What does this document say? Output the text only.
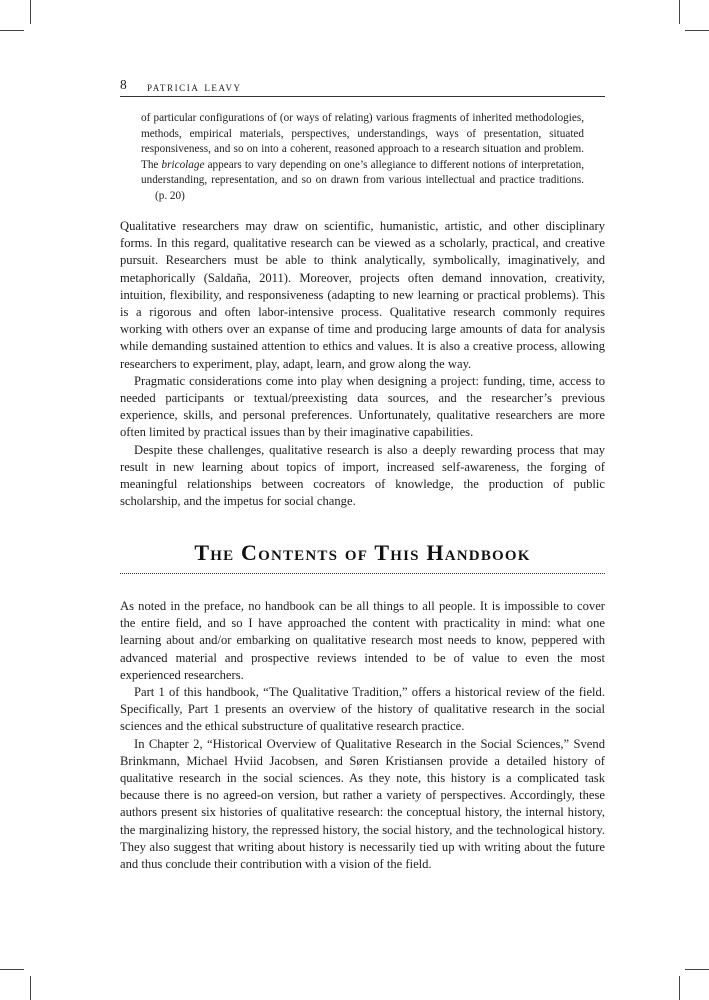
8 patricia leavy
of particular configurations of (or ways of relating) various fragments of inherited methodologies, methods, empirical materials, perspectives, understandings, ways of presentation, situated responsiveness, and so on into a coherent, reasoned approach to a research situation and problem. The bricolage appears to vary depending on one’s allegiance to different notions of interpretation, understanding, representation, and so on drawn from various intellectual and practice traditions.(p. 20)

Qualitative researchers may draw on scientific, humanistic, artistic, and other disciplinary forms. In this regard, qualitative research can be viewed as a scholarly, practical, and creative pursuit. Researchers must be able to think analytically, symbolically, imaginatively, and metaphorically (Saldaña, 2011). Moreover, projects often demand innovation, creativity, intuition, flexibility, and responsiveness (adapting to new learning or practical problems). This is a rigorous and often labor-intensive process. Qualitative research commonly requires working with others over an expanse of time and producing large amounts of data for analysis while demanding sustained attention to ethics and values. It is also a creative process, allowing researchers to experiment, play, adapt, learn, and grow along the way.

Pragmatic considerations come into play when designing a project: funding, time, access to needed participants or textual/preexisting data sources, and the researcher’s previous experience, skills, and personal preferences. Unfortunately, qualitative researchers are more often limited by practical issues than by their imaginative capabilities.

Despite these challenges, qualitative research is also a deeply rewarding process that may result in new learning about topics of import, increased self-awareness, the forging of meaningful relationships between cocreators of knowledge, the production of public scholarship, and the impetus for social change.

The Contents of This Handbook

As noted in the preface, no handbook can be all things to all people. It is impossible to cover the entire field, and so I have approached the content with practicality in mind: what one learning about and/or embarking on qualitative research most needs to know, peppered with advanced material and prospective reviews intended to be of value to even the most experienced researchers.

Part 1 of this handbook, “The Qualitative Tradition,” offers a historical review of the field. Specifically, Part 1 presents an overview of the history of qualitative research in the social sciences and the ethical substructure of qualitative research practice.

In Chapter 2, “Historical Overview of Qualitative Research in the Social Sciences,” Svend Brinkmann, Michael Hviid Jacobsen, and Søren Kristiansen provide a detailed history of qualitative research in the social sciences. As they note, this history is a complicated task because there is no agreed-on version, but rather a variety of perspectives. Accordingly, these authors present six histories of qualitative research: the conceptual history, the internal history, the marginalizing history, the repressed history, the social history, and the technological history. They also suggest that writing about history is necessarily tied up with writing about the future and thus conclude their contribution with a vision of the field.
